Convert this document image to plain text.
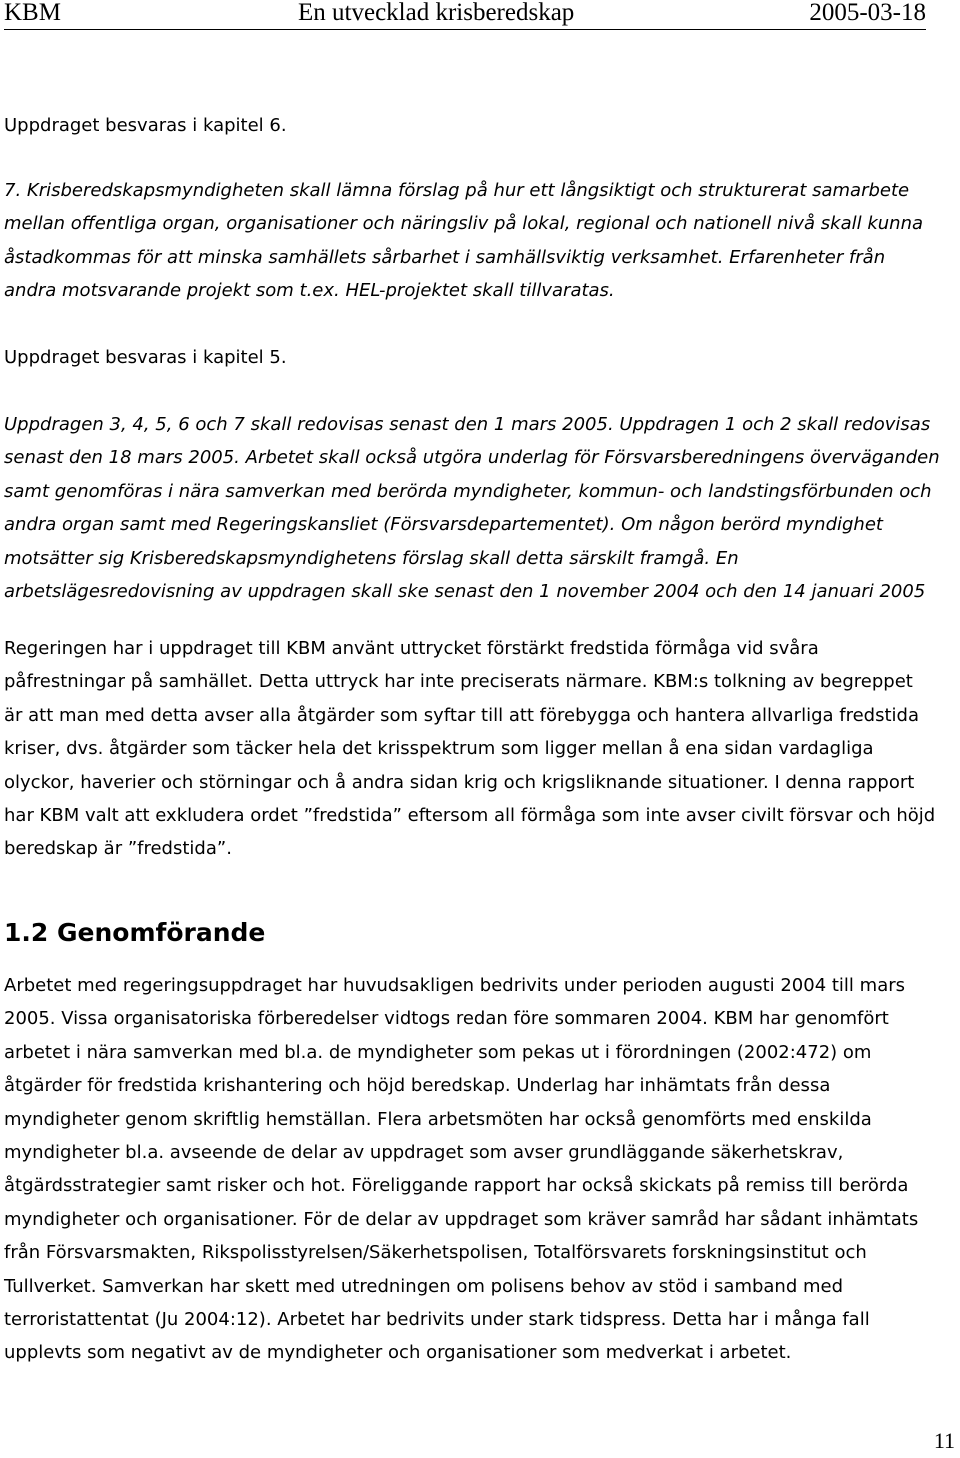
KBM	En utvecklad krisberedskap	2005-03-18

Uppdraget besvaras i kapitel 6.

7. Krisberedskapsmyndigheten skall lämna förslag på hur ett långsiktigt och strukturerat samarbete
mellan offentliga organ, organisationer och näringsliv på lokal, regional och nationell nivå skall kunna
åstadkommas för att minska samhällets sårbarhet i samhällsviktig verksamhet. Erfarenheter från
andra motsvarande projekt som t.ex. HEL-projektet skall tillvaratas.

Uppdraget besvaras i kapitel 5.

Uppdragen 3, 4, 5, 6 och 7 skall redovisas senast den 1 mars 2005. Uppdragen 1 och 2 skall redovisas
senast den 18 mars 2005. Arbetet skall också utgöra underlag för Försvarsberedningens överväganden
samt genomföras i nära samverkan med berörda myndigheter, kommun- och landstingsförbunden och
andra organ samt med Regeringskansliet (Försvarsdepartementet). Om någon berörd myndighet
motsätter sig Krisberedskapsmyndighetens förslag skall detta särskilt framgå. En
arbetslägesredovisning av uppdragen skall ske senast den 1 november 2004 och den 14 januari 2005

Regeringen har i uppdraget till KBM använt uttrycket förstärkt fredstida förmåga vid svåra
påfrestningar på samhället. Detta uttryck har inte preciserats närmare. KBM:s tolkning av begreppet
är att man med detta avser alla åtgärder som syftar till att förebygga och hantera allvarliga fredstida
kriser, dvs. åtgärder som täcker hela det krisspektrum som ligger mellan å ena sidan vardagliga
olyckor, haverier och störningar och å andra sidan krig och krigsliknande situationer. I denna rapport
har KBM valt att exkludera ordet ”fredstida” eftersom all förmåga som inte avser civilt försvar och höjd
beredskap är ”fredstida”.

1.2 Genomförande

Arbetet med regeringsuppdraget har huvudsakligen bedrivits under perioden augusti 2004 till mars
2005. Vissa organisatoriska förberedelser vidtogs redan före sommaren 2004. KBM har genomfört
arbetet i nära samverkan med bl.a. de myndigheter som pekas ut i förordningen (2002:472) om
åtgärder för fredstida krishantering och höjd beredskap. Underlag har inhämtats från dessa
myndigheter genom skriftlig hemställan. Flera arbetsmöten har också genomförts med enskilda
myndigheter bl.a. avseende de delar av uppdraget som avser grundläggande säkerhetskrav,
åtgärdsstrategier samt risker och hot. Föreliggande rapport har också skickats på remiss till berörda
myndigheter och organisationer. För de delar av uppdraget som kräver samråd har sådant inhämtats
från Försvarsmakten, Rikspolisstyrelsen/Säkerhetspolisen, Totalförsvarets forskningsinstitut och
Tullverket. Samverkan har skett med utredningen om polisens behov av stöd i samband med
terroristattentat (Ju 2004:12). Arbetet har bedrivits under stark tidspress. Detta har i många fall
upplevts som negativt av de myndigheter och organisationer som medverkat i arbetet.

11
